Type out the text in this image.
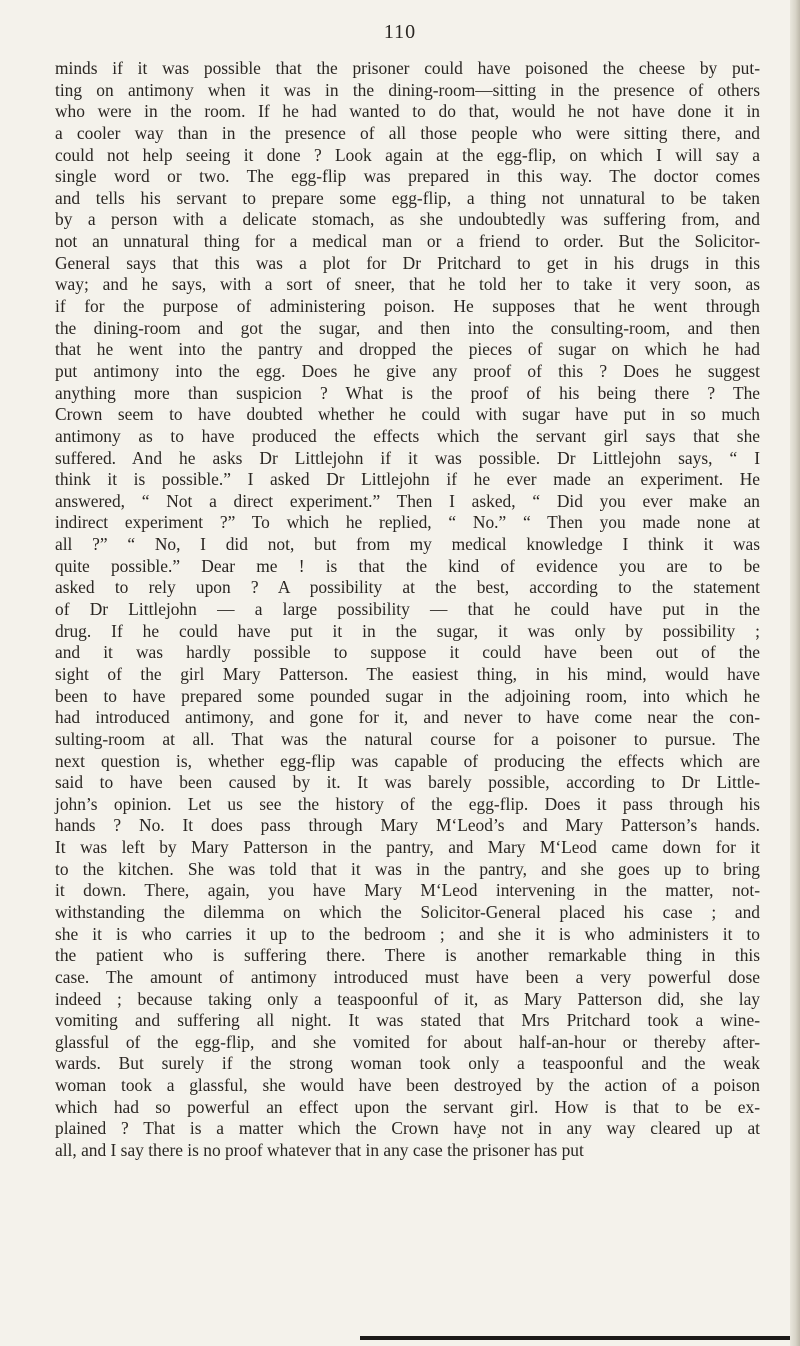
110
minds if it was possible that the prisoner could have poisoned the cheese by put-
ting on antimony when it was in the dining-room—sitting in the presence of others
who were in the room. If he had wanted to do that, would he not have done it in
a cooler way than in the presence of all those people who were sitting there, and
could not help seeing it done ? Look again at the egg-flip, on which I will say a
single word or two. The egg-flip was prepared in this way. The doctor comes
and tells his servant to prepare some egg-flip, a thing not unnatural to be taken
by a person with a delicate stomach, as she undoubtedly was suffering from, and
not an unnatural thing for a medical man or a friend to order. But the Solicitor-
General says that this was a plot for Dr Pritchard to get in his drugs in this
way; and he says, with a sort of sneer, that he told her to take it very soon, as
if for the purpose of administering poison. He supposes that he went through
the dining-room and got the sugar, and then into the consulting-room, and then
that he went into the pantry and dropped the pieces of sugar on which he had
put antimony into the egg. Does he give any proof of this ? Does he suggest
anything more than suspicion ? What is the proof of his being there ? The
Crown seem to have doubted whether he could with sugar have put in so much
antimony as to have produced the effects which the servant girl says that she
suffered. And he asks Dr Littlejohn if it was possible. Dr Littlejohn says, “ I
think it is possible.” I asked Dr Littlejohn if he ever made an experiment. He
answered, “ Not a direct experiment.” Then I asked, “ Did you ever make an
indirect experiment ?” To which he replied, “ No.” “ Then you made none at
all ?” “ No, I did not, but from my medical knowledge I think it was
quite possible.” Dear me ! is that the kind of evidence you are to be
asked to rely upon ? A possibility at the best, according to the statement
of Dr Littlejohn — a large possibility — that he could have put in the
drug. If he could have put it in the sugar, it was only by possibility ;
and it was hardly possible to suppose it could have been out of the
sight of the girl Mary Patterson. The easiest thing, in his mind, would have
been to have prepared some pounded sugar in the adjoining room, into which he
had introduced antimony, and gone for it, and never to have come near the con-
sulting-room at all. That was the natural course for a poisoner to pursue. The
next question is, whether egg-flip was capable of producing the effects which are
said to have been caused by it. It was barely possible, according to Dr Little-
john’s opinion. Let us see the history of the egg-flip. Does it pass through his
hands ? No. It does pass through Mary M‘Leod’s and Mary Patterson’s hands.
It was left by Mary Patterson in the pantry, and Mary M‘Leod came down for it
to the kitchen. She was told that it was in the pantry, and she goes up to bring
it down. There, again, you have Mary M‘Leod intervening in the matter, not-
withstanding the dilemma on which the Solicitor-General placed his case ; and
she it is who carries it up to the bedroom ; and she it is who administers it to
the patient who is suffering there. There is another remarkable thing in this
case. The amount of antimony introduced must have been a very powerful dose
indeed ; because taking only a teaspoonful of it, as Mary Patterson did, she lay
vomiting and suffering all night. It was stated that Mrs Pritchard took a wine-
glassful of the egg-flip, and she vomited for about half-an-hour or thereby after-
wards. But surely if the strong woman took only a teaspoonful and the weak
woman took a glassful, she would have been destroyed by the action of a poison
which had so powerful an effect upon the servant girl. How is that to be ex-
plained ? That is a matter which the Crown hav̧e not in any way cleared up at
all, and I say there is no proof whatever that in any case the prisoner has put
